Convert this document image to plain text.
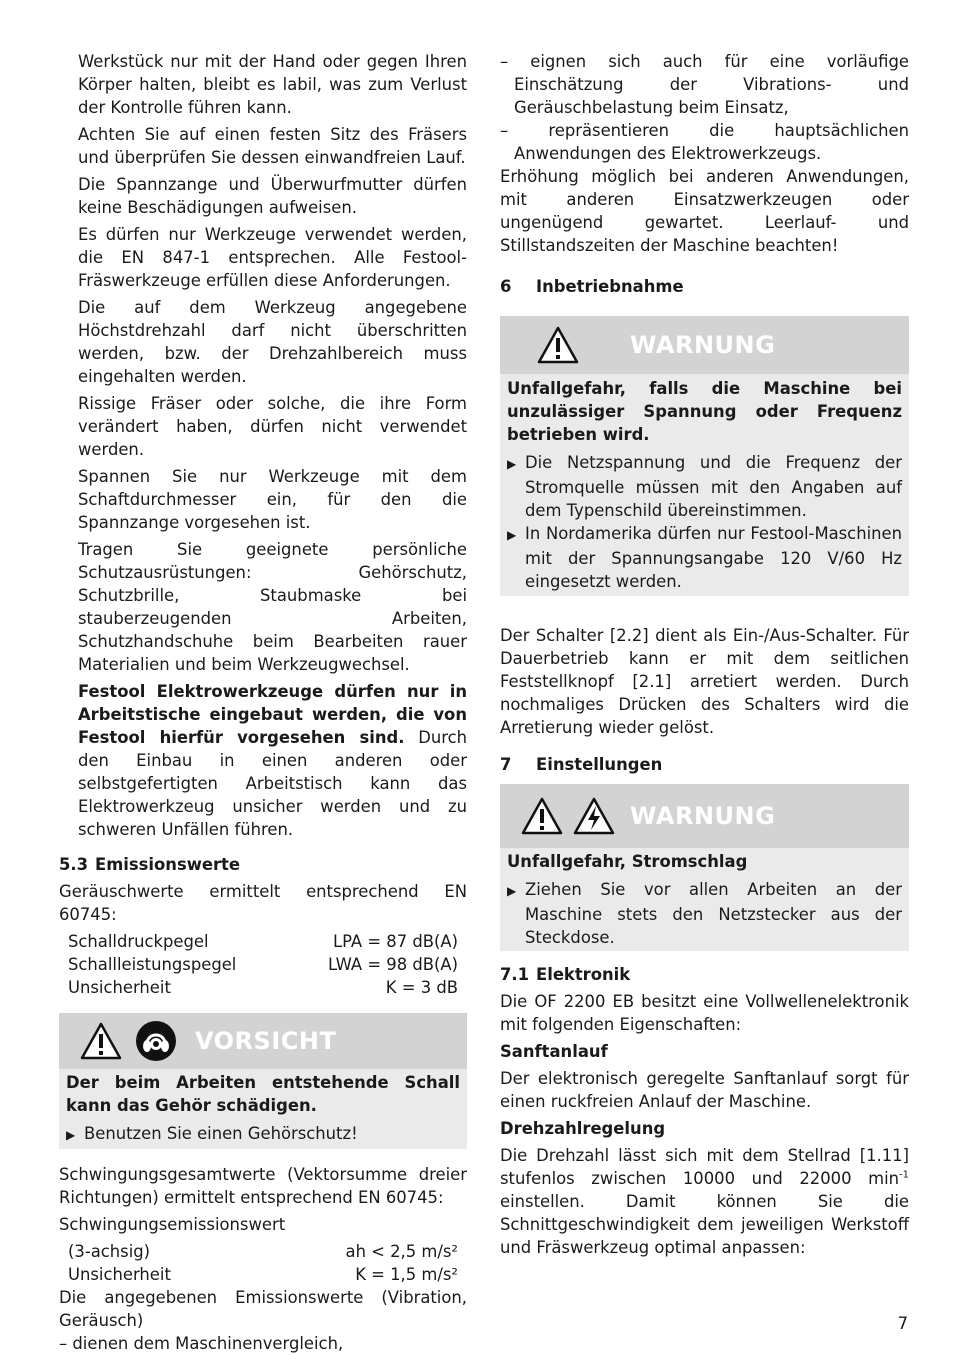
Werkstück nur mit der Hand oder gegen Ihren Körper halten, bleibt es labil, was zum Verlust der Kontrolle führen kann.

Achten Sie auf einen festen Sitz des Fräsers und überprüfen Sie dessen einwandfreien Lauf.

Die Spannzange und Überwurfmutter dürfen keine Beschädigungen aufweisen.

Es dürfen nur Werkzeuge verwendet werden, die EN 847-1 entsprechen. Alle Festool-Fräswerkzeuge erfüllen diese Anforderungen.

Die auf dem Werkzeug angegebene Höchstdrehzahl darf nicht überschritten werden, bzw. der Drehzahlbereich muss eingehalten werden.

Rissige Fräser oder solche, die ihre Form verändert haben, dürfen nicht verwendet werden.

Spannen Sie nur Werkzeuge mit dem Schaftdurchmesser ein, für den die Spannzange vorgesehen ist.

Tragen Sie geeignete persönliche Schutzausrüstungen: Gehörschutz, Schutzbrille, Staubmaske bei stauberzeugenden Arbeiten, Schutzhandschuhe beim Bearbeiten rauer Materialien und beim Werkzeugwechsel.

Festool Elektrowerkzeuge dürfen nur in Arbeitstische eingebaut werden, die von Festool hierfür vorgesehen sind. Durch den Einbau in einen anderen oder selbstgefertigten Arbeitstisch kann das Elektrowerkzeug unsicher werden und zu schweren Unfällen führen.

5.3 Emissionswerte

Geräuschwerte ermittelt entsprechend EN 60745:

Schalldruckpegel	LPA = 87 dB(A)
Schallleistungspegel	LWA = 98 dB(A)
Unsicherheit	K = 3 dB
VORSICHT

Der beim Arbeiten entstehende Schall kann das Gehör schädigen.

▶ Benutzen Sie einen Gehörschutz!

Schwingungsgesamtwerte (Vektorsumme dreier Richtungen) ermittelt entsprechend EN 60745:

Schwingungsemissionswert

(3-achsig)	ah < 2,5 m/s²
Unsicherheit	K = 1,5 m/s²

Die angegebenen Emissionswerte (Vibration, Geräusch)

– dienen dem Maschinenvergleich,

– eignen sich auch für eine vorläufige Einschätzung der Vibrations- und Geräuschbelastung beim Einsatz,

– repräsentieren die hauptsächlichen Anwendungen des Elektrowerkzeugs.

Erhöhung möglich bei anderen Anwendungen, mit anderen Einsatzwerkzeugen oder ungenügend gewartet. Leerlauf- und Stillstandszeiten der Maschine beachten!

6 Inbetriebnahme
WARNUNG

Unfallgefahr, falls die Maschine bei unzulässiger Spannung oder Frequenz betrieben wird.

▶ Die Netzspannung und die Frequenz der Stromquelle müssen mit den Angaben auf dem Typenschild übereinstimmen.

▶ In Nordamerika dürfen nur Festool-Maschinen mit der Spannungsangabe 120 V/60 Hz eingesetzt werden.

Der Schalter [2.2] dient als Ein-/Aus-Schalter. Für Dauerbetrieb kann er mit dem seitlichen Feststellknopf [2.1] arretiert werden. Durch nochmaliges Drücken des Schalters wird die Arretierung wieder gelöst.

7 Einstellungen
WARNUNG

Unfallgefahr, Stromschlag

▶ Ziehen Sie vor allen Arbeiten an der Maschine stets den Netzstecker aus der Steckdose.

7.1 Elektronik

Die OF 2200 EB besitzt eine Vollwellenelektronik mit folgenden Eigenschaften:

Sanftanlauf

Der elektronisch geregelte Sanftanlauf sorgt für einen ruckfreien Anlauf der Maschine.

Drehzahlregelung

Die Drehzahl lässt sich mit dem Stellrad [1.11] stufenlos zwischen 10000 und 22000 $\min^{-1}$ einstellen. Damit können Sie die Schnittgeschwindigkeit dem jeweiligen Werkstoff und Fräswerkzeug optimal anpassen:

7
